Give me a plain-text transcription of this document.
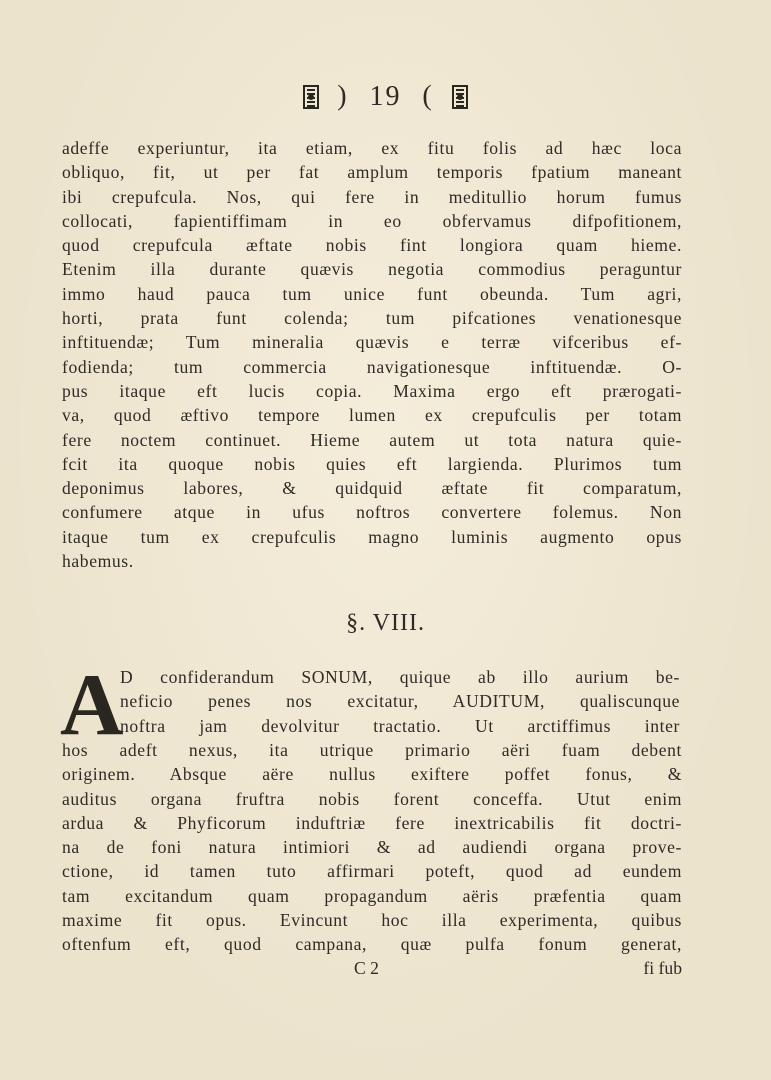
) 19 (
adeffe experiuntur, ita etiam, ex fitu folis ad hæc loca
obliquo, fit, ut per fat amplum temporis fpatium maneant
ibi crepufcula. Nos, qui fere in meditullio horum fumus
collocati, fapientiffimam in eo obfervamus difpofitionem,
quod crepufcula æftate nobis fint longiora quam hieme.
Etenim illa durante quævis negotia commodius peraguntur
immo haud pauca tum unice funt obeunda. Tum agri,
horti, prata funt colenda; tum pifcationes venationesque
inftituendæ; Tum mineralia quævis e terræ vifceribus ef-
fodienda; tum commercia navigationesque inftituendæ. O-
pus itaque eft lucis copia. Maxima ergo eft prærogati-
va, quod æftivo tempore lumen ex crepufculis per totam
fere noctem continuet. Hieme autem ut tota natura quie-
fcit ita quoque nobis quies eft largienda. Plurimos tum
deponimus labores, & quidquid æftate fit comparatum,
confumere atque in ufus noftros convertere folemus. Non
itaque tum ex crepufculis magno luminis augmento opus
habemus.
§. VIII.
A
D confiderandum SONUM, quique ab illo aurium be-
neficio penes nos excitatur, AUDITUM, qualiscunque
noftra jam devolvitur tractatio. Ut arctiffimus inter
hos adeft nexus, ita utrique primario aëri fuam debent
originem. Absque aëre nullus exiftere poffet fonus, &
auditus organa fruftra nobis forent conceffa. Utut enim
ardua & Phyficorum induftriæ fere inextricabilis fit doctri-
na de foni natura intimiori & ad audiendi organa prove-
ctione, id tamen tuto affirmari poteft, quod ad eundem
tam excitandum quam propagandum aëris præfentia quam
maxime fit opus. Evincunt hoc illa experimenta, quibus
oftenfum eft, quod campana, quæ pulfa fonum generat,
C 2	fi fub
